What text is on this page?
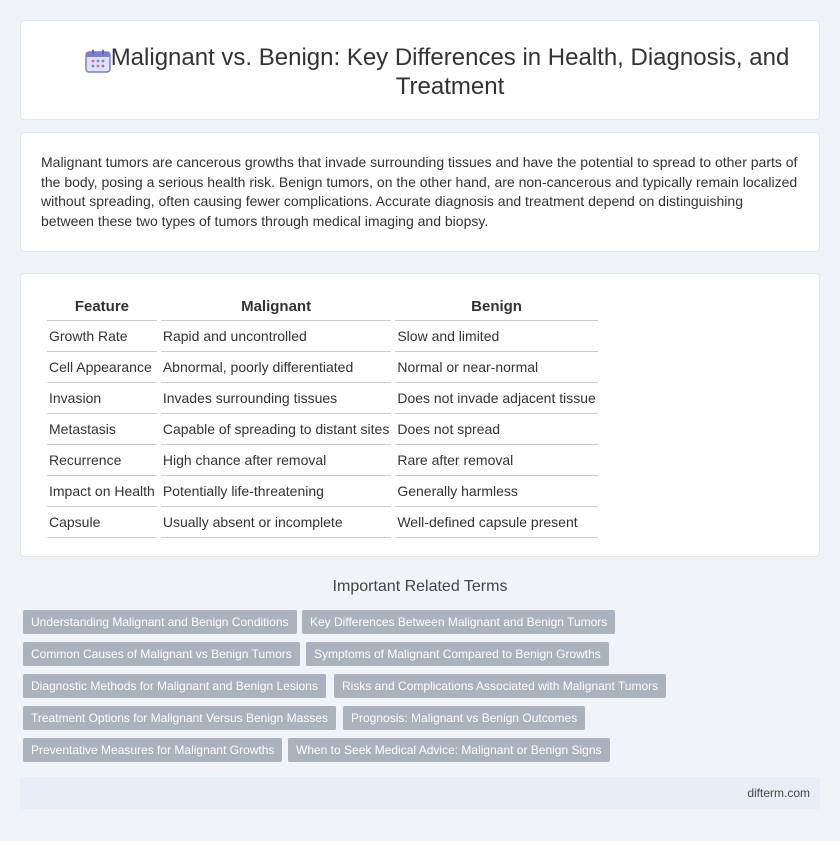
Malignant vs. Benign: Key Differences in Health, Diagnosis, and Treatment

Malignant tumors are cancerous growths that invade surrounding tissues and have the potential to spread to other parts of the body, posing a serious health risk. Benign tumors, on the other hand, are non-cancerous and typically remain localized without spreading, often causing fewer complications. Accurate diagnosis and treatment depend on distinguishing between these two types of tumors through medical imaging and biopsy.

Feature	Malignant	Benign
Growth Rate	Rapid and uncontrolled	Slow and limited
Cell Appearance	Abnormal, poorly differentiated	Normal or near-normal
Invasion	Invades surrounding tissues	Does not invade adjacent tissue
Metastasis	Capable of spreading to distant sites	Does not spread
Recurrence	High chance after removal	Rare after removal
Impact on Health	Potentially life-threatening	Generally harmless
Capsule	Usually absent or incomplete	Well-defined capsule present
Important Related Terms
Understanding Malignant and Benign Conditions	Key Differences Between Malignant and Benign Tumors
Common Causes of Malignant vs Benign Tumors	Symptoms of Malignant Compared to Benign Growths
Diagnostic Methods for Malignant and Benign Lesions	Risks and Complications Associated with Malignant Tumors
Treatment Options for Malignant Versus Benign Masses	Prognosis: Malignant vs Benign Outcomes
Preventative Measures for Malignant Growths	When to Seek Medical Advice: Malignant or Benign Signs
difterm.com
